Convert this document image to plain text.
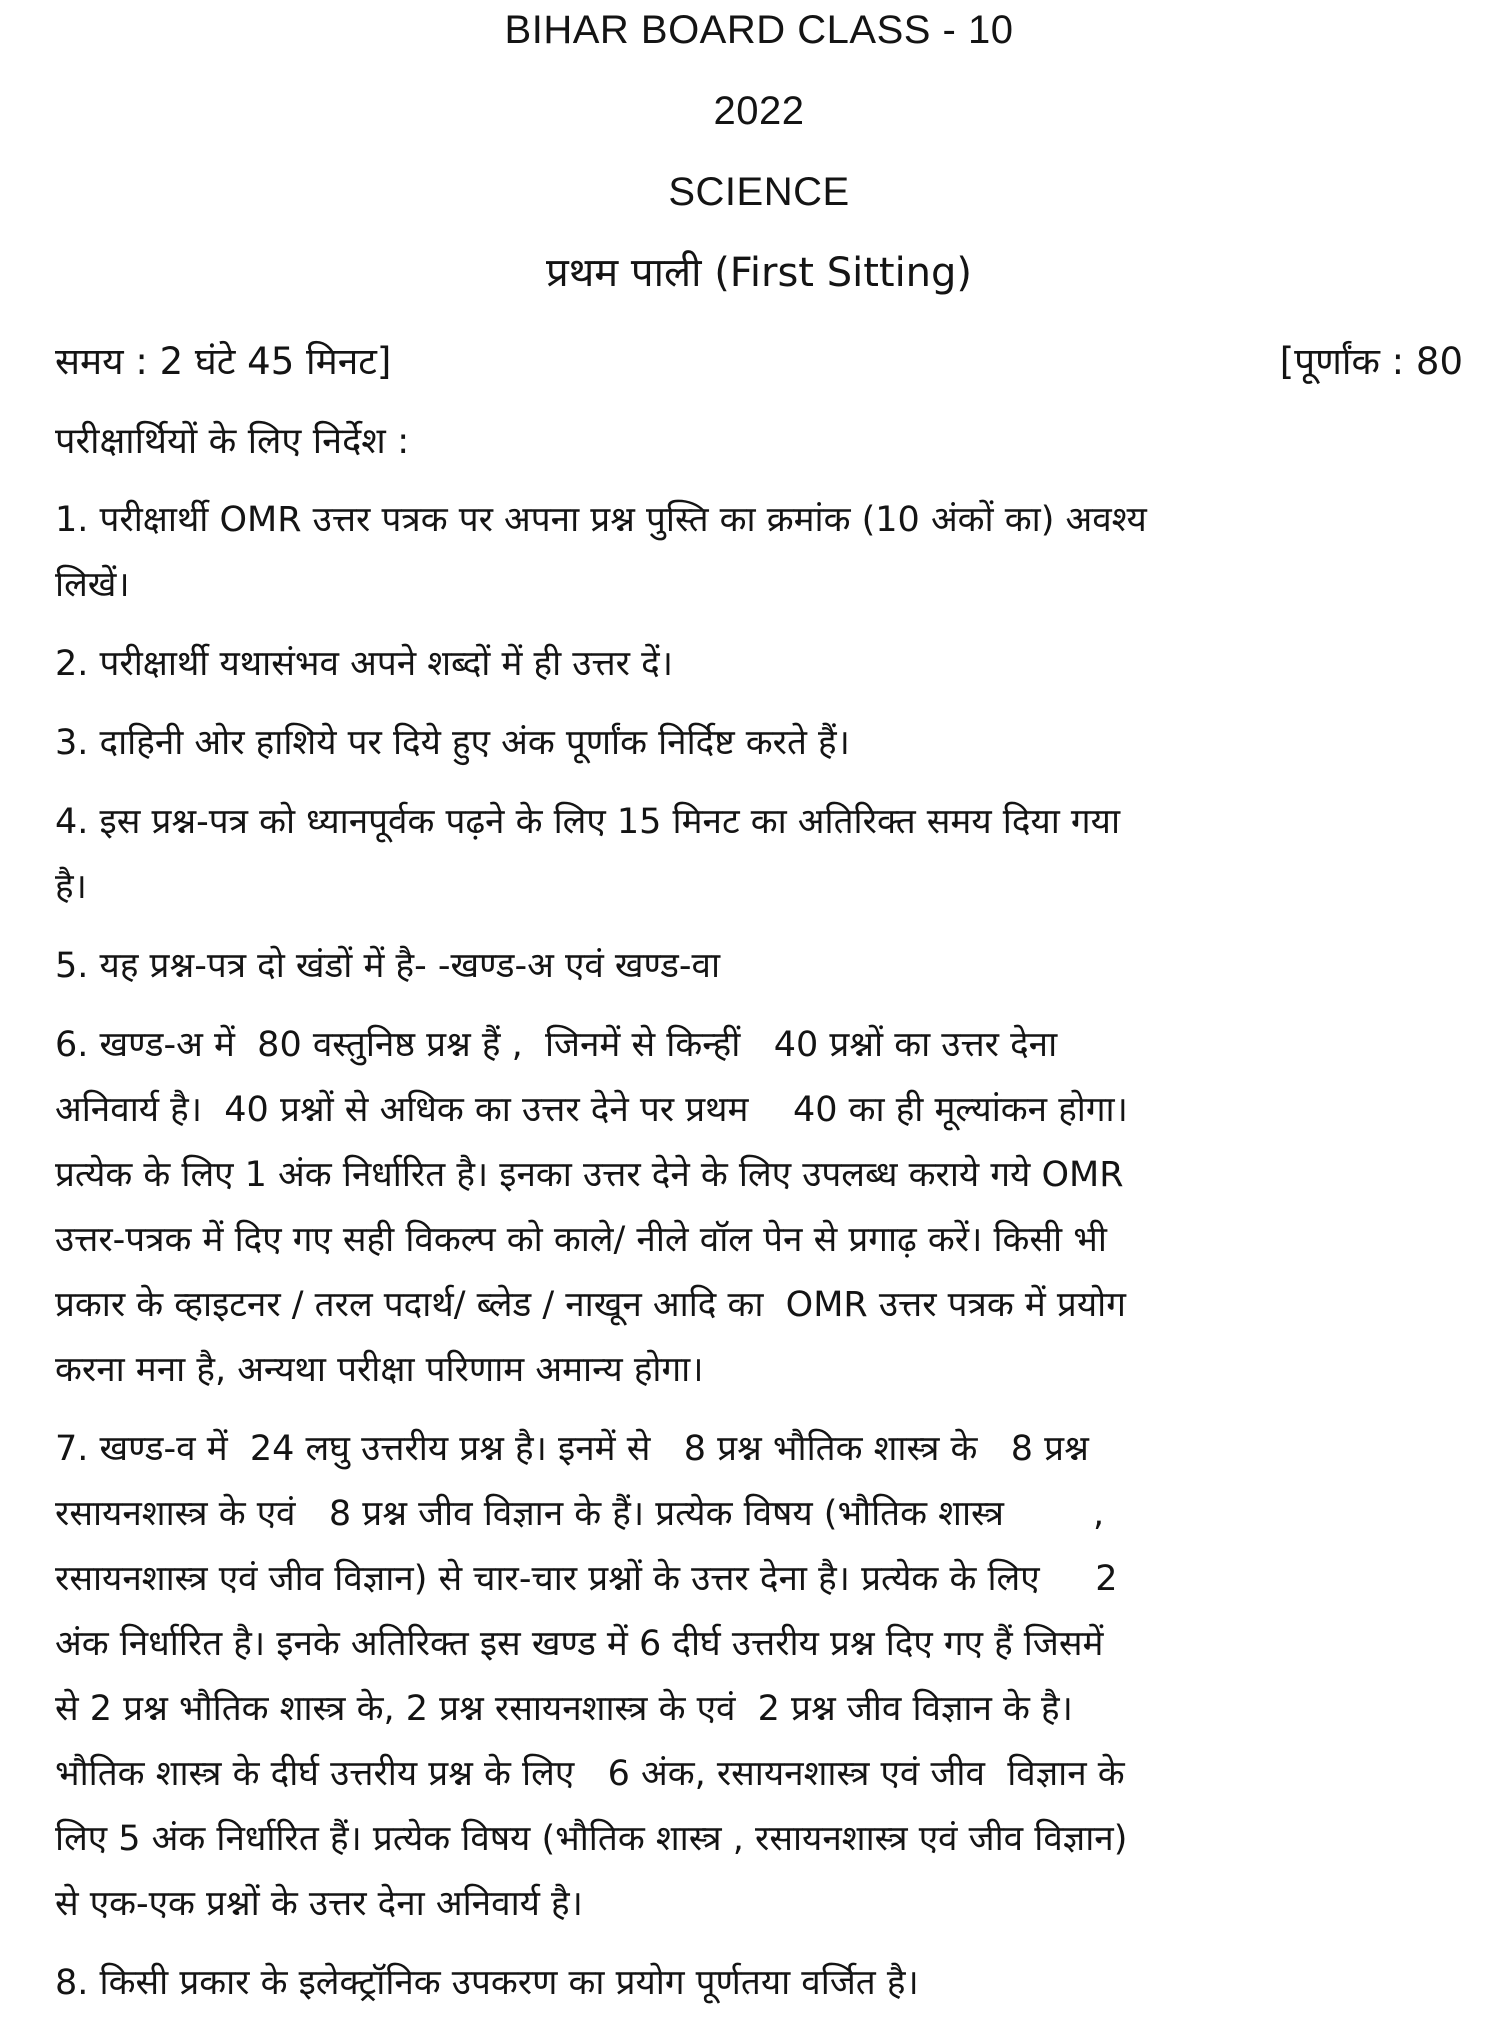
BIHAR BOARD CLASS - 10
2022
SCIENCE
प्रथम पाली (First Sitting)
समय : 2 घंटे 45 मिनट]	[पूर्णांक : 80
परीक्षार्थियों के लिए निर्देश :
1. परीक्षार्थी OMR उत्तर पत्रक पर अपना प्रश्न पुस्ति का क्रमांक (10 अंकों का) अवश्य
लिखें।
2. परीक्षार्थी यथासंभव अपने शब्दों में ही उत्तर दें।
3. दाहिनी ओर हाशिये पर दिये हुए अंक पूर्णांक निर्दिष्ट करते हैं।
4. इस प्रश्न-पत्र को ध्यानपूर्वक पढ़ने के लिए 15 मिनट का अतिरिक्त समय दिया गया
है।
5. यह प्रश्न-पत्र दो खंडों में है- -खण्ड-अ एवं खण्ड-वा
6. खण्ड-अ में  80 वस्तुनिष्ठ प्रश्न हैं ,  जिनमें से किन्हीं   40 प्रश्नों का उत्तर देना
अनिवार्य है।  40 प्रश्नों से अधिक का उत्तर देने पर प्रथम    40 का ही मूल्यांकन होगा।
प्रत्येक के लिए 1 अंक निर्धारित है। इनका उत्तर देने के लिए उपलब्ध कराये गये OMR
उत्तर-पत्रक में दिए गए सही विकल्प को काले/ नीले वॉल पेन से प्रगाढ़ करें। किसी भी
प्रकार के व्हाइटनर / तरल पदार्थ/ ब्लेड / नाखून आदि का  OMR उत्तर पत्रक में प्रयोग
करना मना है, अन्यथा परीक्षा परिणाम अमान्य होगा।
7. खण्ड-व में  24 लघु उत्तरीय प्रश्न है। इनमें से   8 प्रश्न भौतिक शास्त्र के   8 प्रश्न
रसायनशास्त्र के एवं   8 प्रश्न जीव विज्ञान के हैं। प्रत्येक विषय (भौतिक शास्त्र        ,
रसायनशास्त्र एवं जीव विज्ञान) से चार-चार प्रश्नों के उत्तर देना है। प्रत्येक के लिए     2
अंक निर्धारित है। इनके अतिरिक्त इस खण्ड में 6 दीर्घ उत्तरीय प्रश्न दिए गए हैं जिसमें
से 2 प्रश्न भौतिक शास्त्र के, 2 प्रश्न रसायनशास्त्र के एवं  2 प्रश्न जीव विज्ञान के है।
भौतिक शास्त्र के दीर्घ उत्तरीय प्रश्न के लिए   6 अंक, रसायनशास्त्र एवं जीव  विज्ञान के
लिए 5 अंक निर्धारित हैं। प्रत्येक विषय (भौतिक शास्त्र , रसायनशास्त्र एवं जीव विज्ञान)
से एक-एक प्रश्नों के उत्तर देना अनिवार्य है।
8. किसी प्रकार के इलेक्ट्रॉनिक उपकरण का प्रयोग पूर्णतया वर्जित है।
